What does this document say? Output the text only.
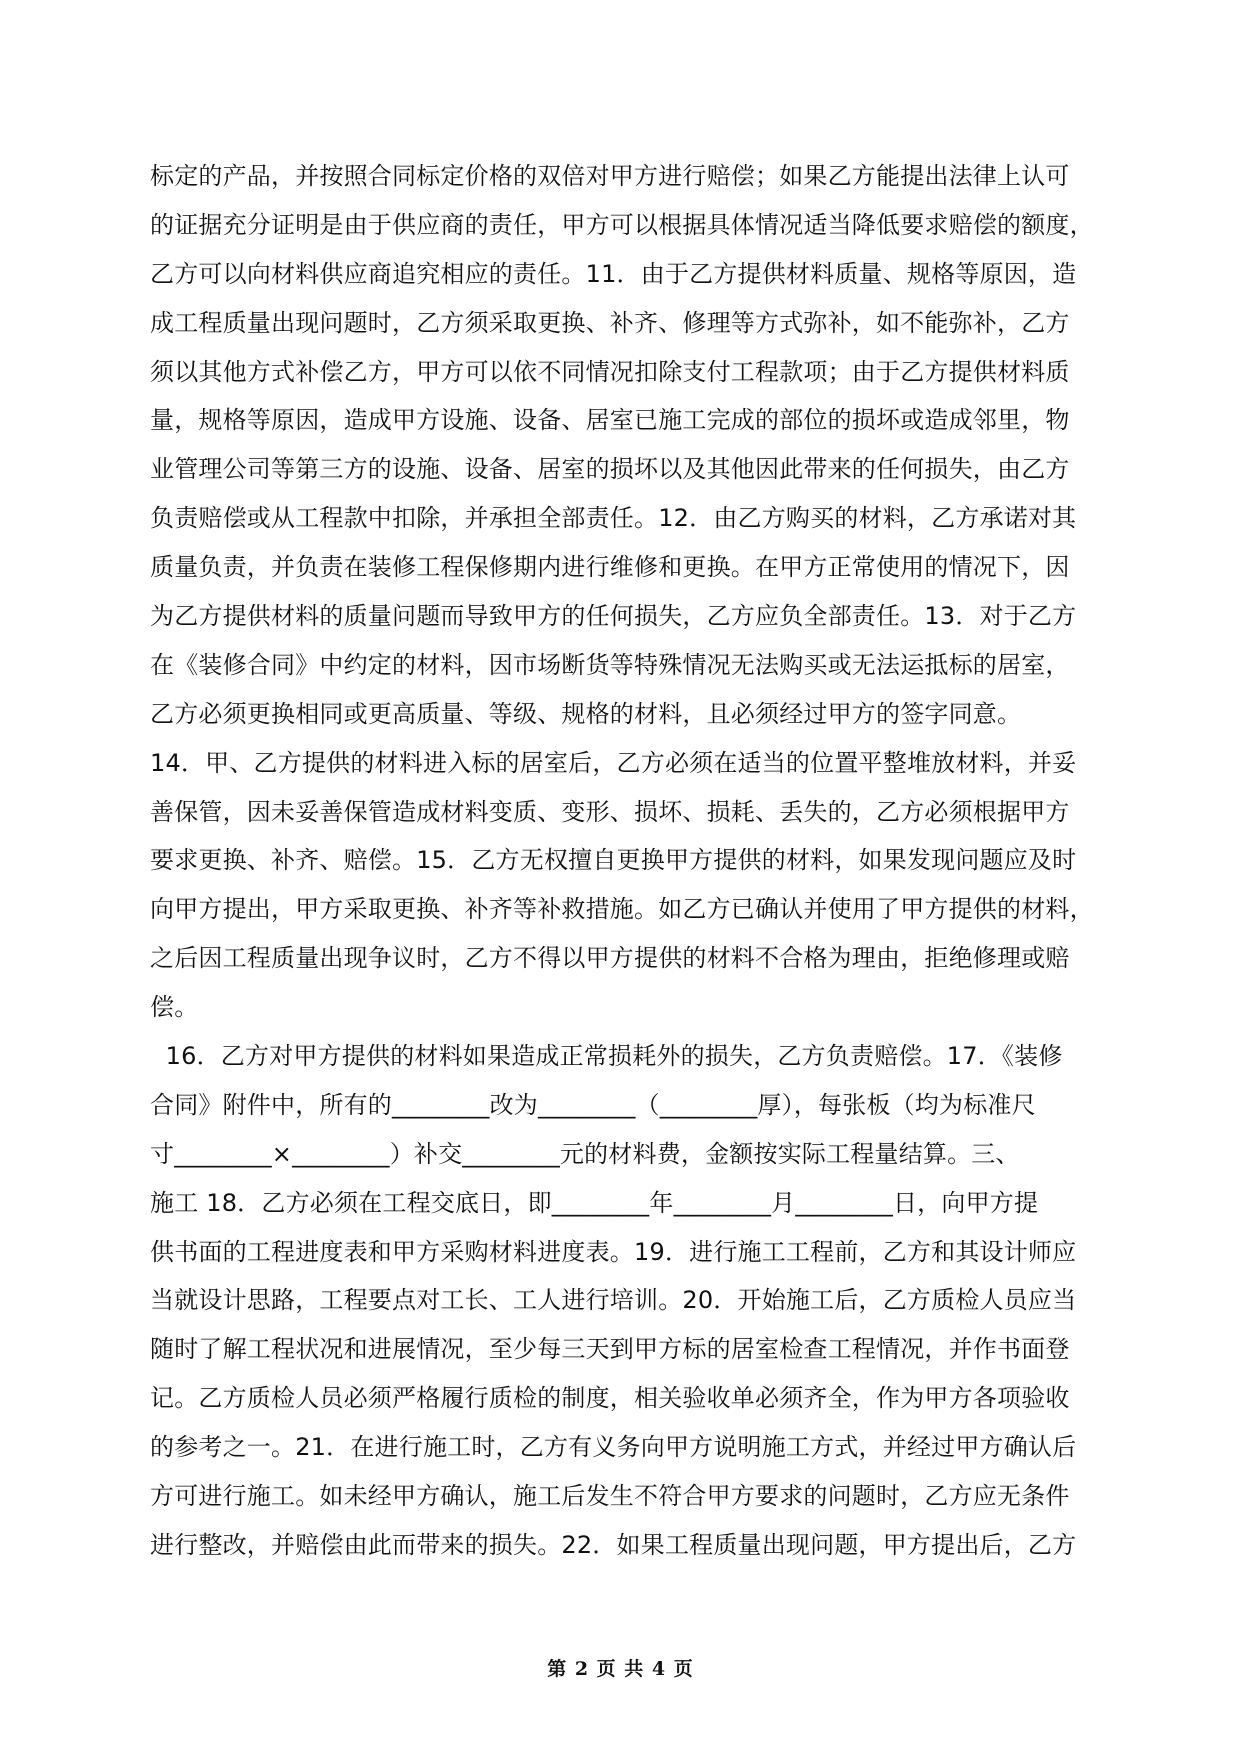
标定的产品，并按照合同标定价格的双倍对甲方进行赔偿；如果乙方能提出法律上认可
的证据充分证明是由于供应商的责任，甲方可以根据具体情况适当降低要求赔偿的额度，
乙方可以向材料供应商追究相应的责任。11．由于乙方提供材料质量、规格等原因，造
成工程质量出现问题时，乙方须采取更换、补齐、修理等方式弥补，如不能弥补，乙方
须以其他方式补偿乙方，甲方可以依不同情况扣除支付工程款项；由于乙方提供材料质
量，规格等原因，造成甲方设施、设备、居室已施工完成的部位的损坏或造成邻里，物
业管理公司等第三方的设施、设备、居室的损坏以及其他因此带来的任何损失，由乙方
负责赔偿或从工程款中扣除，并承担全部责任。12．由乙方购买的材料，乙方承诺对其
质量负责，并负责在装修工程保修期内进行维修和更换。在甲方正常使用的情况下，因
为乙方提供材料的质量问题而导致甲方的任何损失，乙方应负全部责任。13．对于乙方
在《装修合同》中约定的材料，因市场断货等特殊情况无法购买或无法运抵标的居室，
乙方必须更换相同或更高质量、等级、规格的材料，且必须经过甲方的签字同意。
14．甲、乙方提供的材料进入标的居室后，乙方必须在适当的位置平整堆放材料，并妥
善保管，因未妥善保管造成材料变质、变形、损坏、损耗、丢失的，乙方必须根据甲方
要求更换、补齐、赔偿。15．乙方无权擅自更换甲方提供的材料，如果发现问题应及时
向甲方提出，甲方采取更换、补齐等补救措施。如乙方已确认并使用了甲方提供的材料，
之后因工程质量出现争议时，乙方不得以甲方提供的材料不合格为理由，拒绝修理或赔
偿。
16．乙方对甲方提供的材料如果造成正常损耗外的损失，乙方负责赔偿。17．《装修
合同》附件中，所有的________改为________（________厚），每张板（均为标准尺
寸________×________）补交________元的材料费，金额按实际工程量结算。三、
施工 18．乙方必须在工程交底日，即________年________月________日，向甲方提
供书面的工程进度表和甲方采购材料进度表。19．进行施工工程前，乙方和其设计师应
当就设计思路，工程要点对工长、工人进行培训。20．开始施工后，乙方质检人员应当
随时了解工程状况和进展情况，至少每三天到甲方标的居室检查工程情况，并作书面登
记。乙方质检人员必须严格履行质检的制度，相关验收单必须齐全，作为甲方各项验收
的参考之一。21．在进行施工时，乙方有义务向甲方说明施工方式，并经过甲方确认后
方可进行施工。如未经甲方确认，施工后发生不符合甲方要求的问题时，乙方应无条件
进行整改，并赔偿由此而带来的损失。22．如果工程质量出现问题，甲方提出后，乙方
第 2 页 共 4 页
